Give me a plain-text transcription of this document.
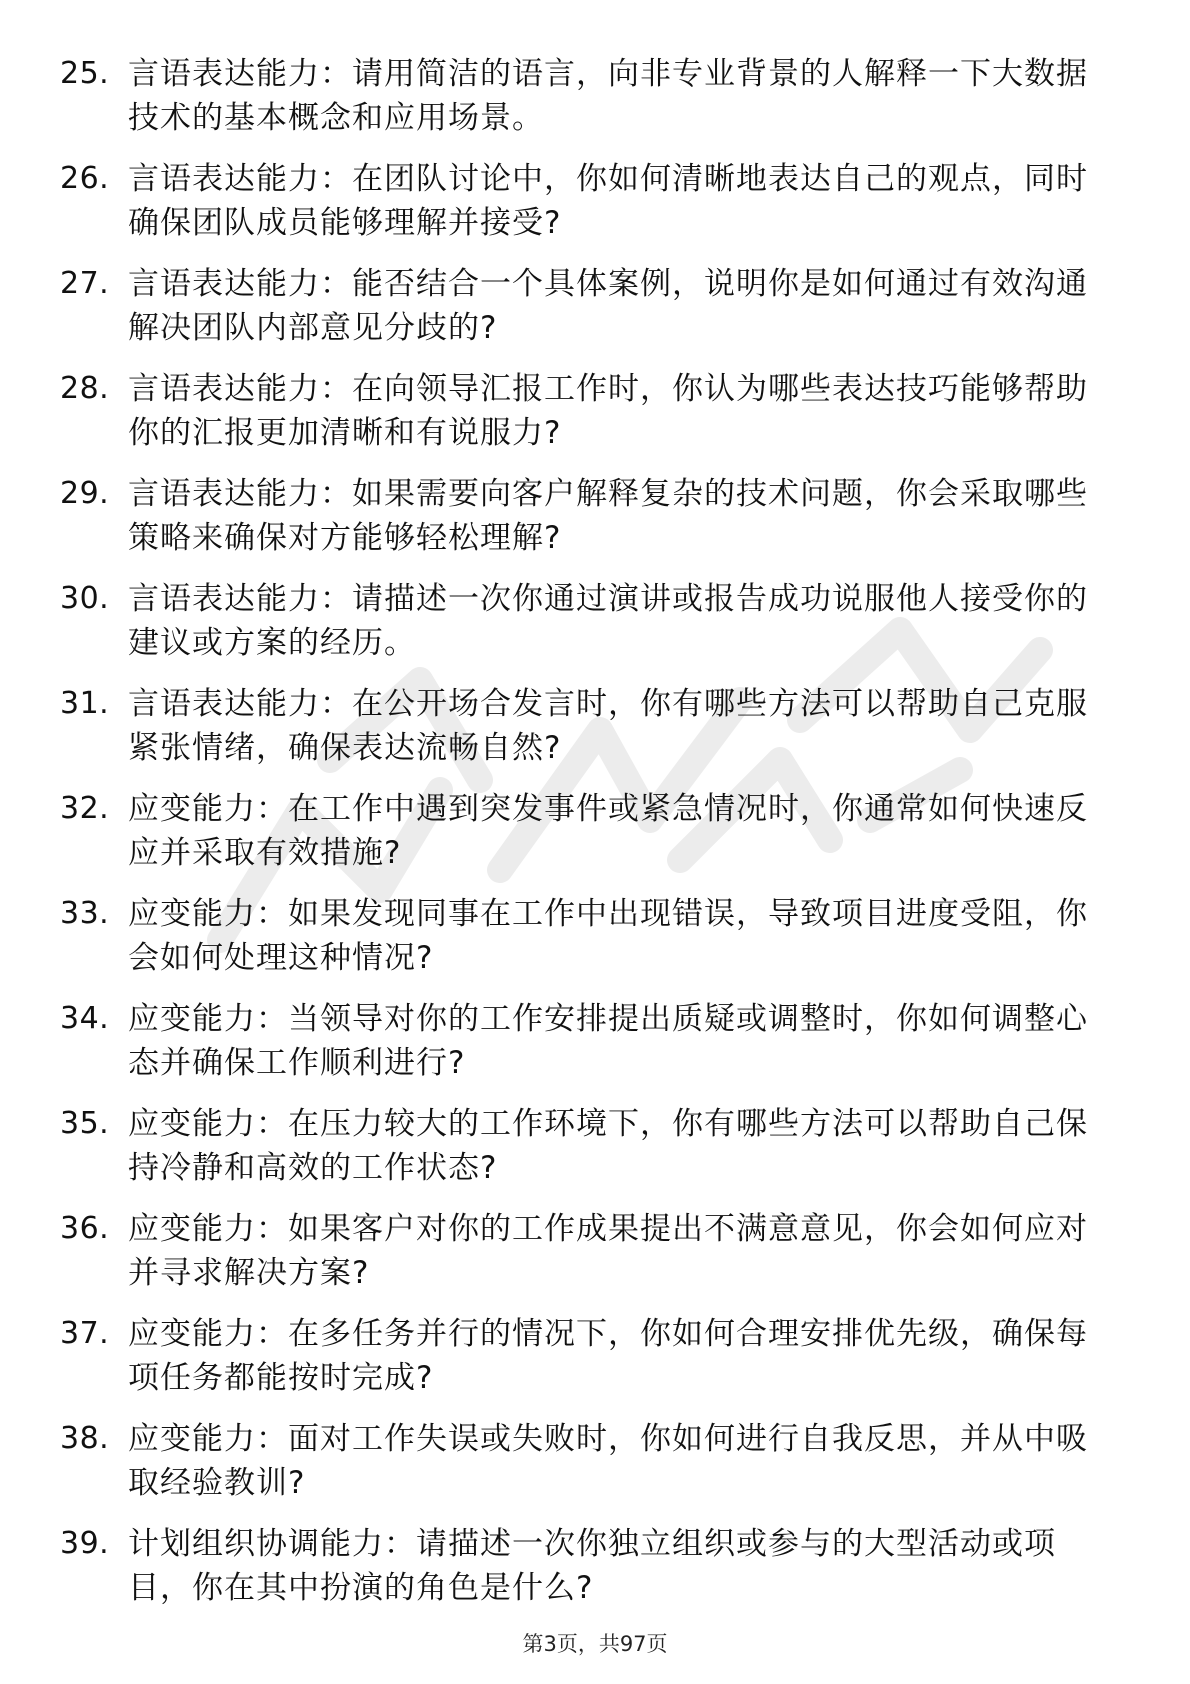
25. 言语表达能力：请用简洁的语言，向非专业背景的人解释一下大数据技术的基本概念和应用场景。
26. 言语表达能力：在团队讨论中，你如何清晰地表达自己的观点，同时确保团队成员能够理解并接受?
27. 言语表达能力：能否结合一个具体案例，说明你是如何通过有效沟通解决团队内部意见分歧的?
28. 言语表达能力：在向领导汇报工作时，你认为哪些表达技巧能够帮助你的汇报更加清晰和有说服力?
29. 言语表达能力：如果需要向客户解释复杂的技术问题，你会采取哪些策略来确保对方能够轻松理解?
30. 言语表达能力：请描述一次你通过演讲或报告成功说服他人接受你的建议或方案的经历。
31. 言语表达能力：在公开场合发言时，你有哪些方法可以帮助自己克服紧张情绪，确保表达流畅自然?
32. 应变能力：在工作中遇到突发事件或紧急情况时，你通常如何快速反应并采取有效措施?
33. 应变能力：如果发现同事在工作中出现错误，导致项目进度受阻，你会如何处理这种情况?
34. 应变能力：当领导对你的工作安排提出质疑或调整时，你如何调整心态并确保工作顺利进行?
35. 应变能力：在压力较大的工作环境下，你有哪些方法可以帮助自己保持冷静和高效的工作状态?
36. 应变能力：如果客户对你的工作成果提出不满意意见，你会如何应对并寻求解决方案?
37. 应变能力：在多任务并行的情况下，你如何合理安排优先级，确保每项任务都能按时完成?
38. 应变能力：面对工作失误或失败时，你如何进行自我反思，并从中吸取经验教训?
39. 计划组织协调能力：请描述一次你独立组织或参与的大型活动或项目，你在其中扮演的角色是什么?
第3页，共97页
